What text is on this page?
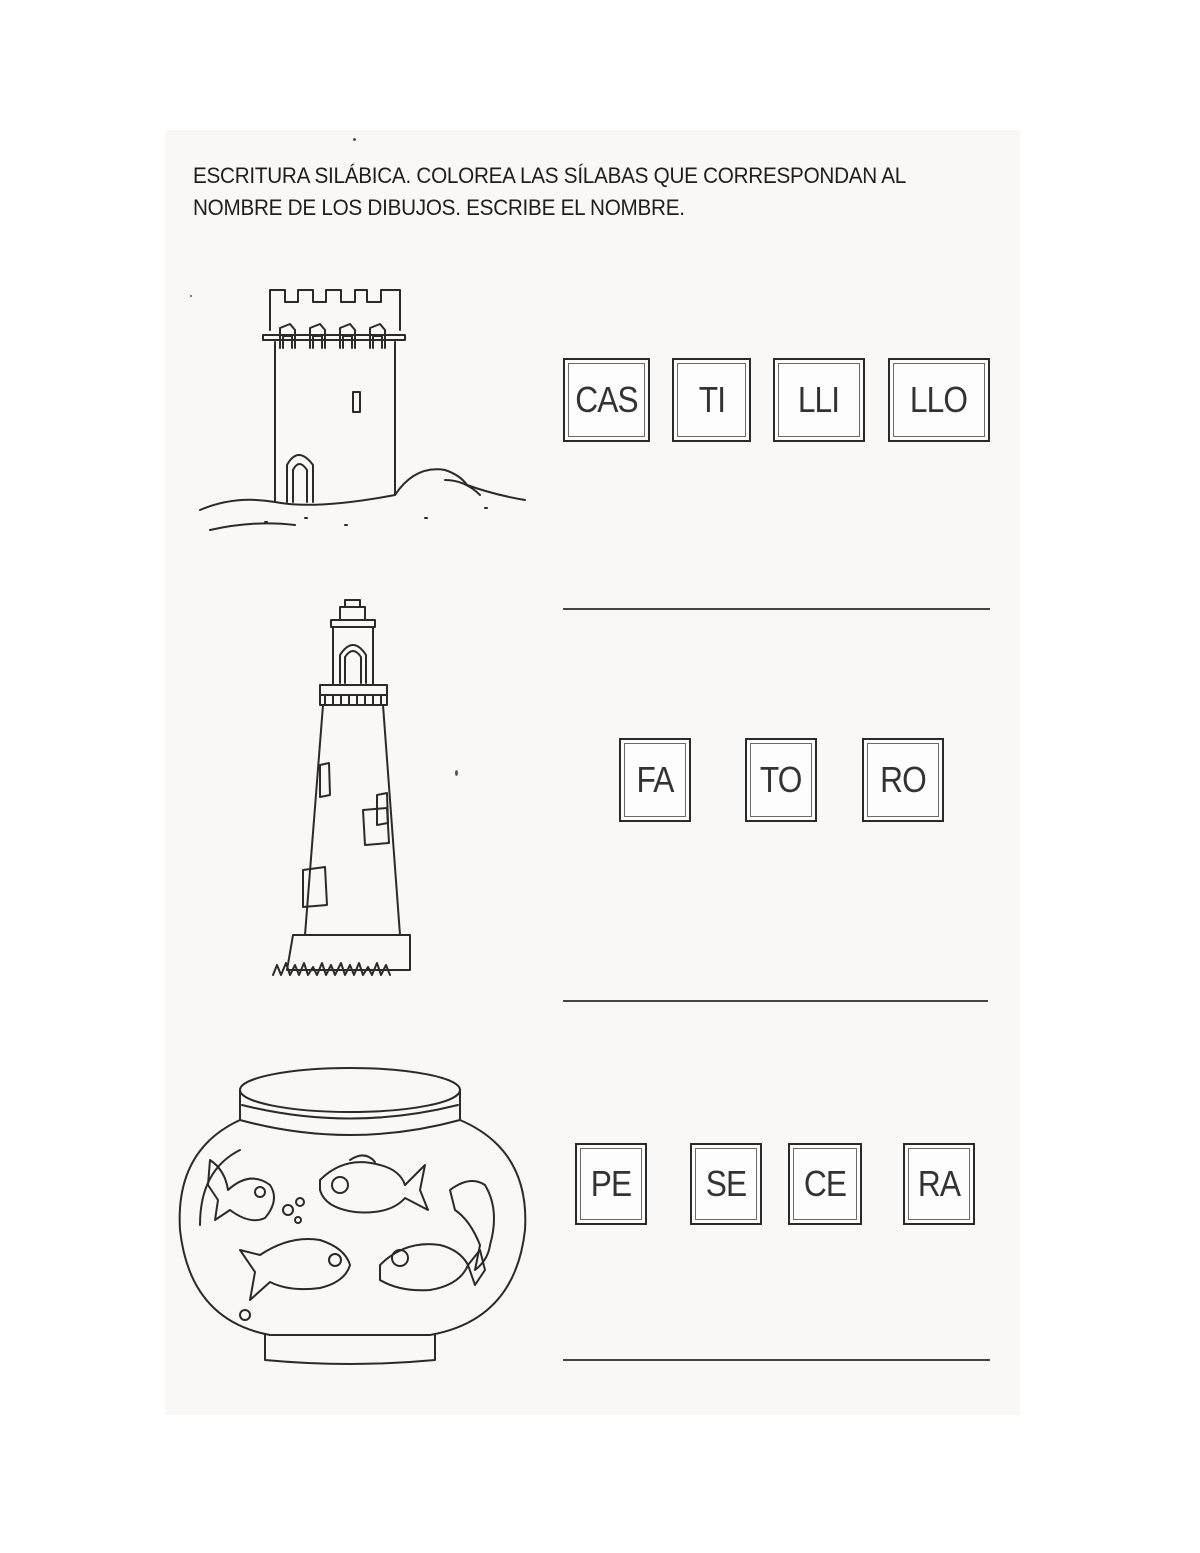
ESCRITURA SILÁBICA. COLOREA LAS SÍLABAS QUE CORRESPONDAN AL
NOMBRE DE LOS DIBUJOS. ESCRIBE EL NOMBRE.
CAS TI LLI LLO
FA TO RO
PE SE CE RA
